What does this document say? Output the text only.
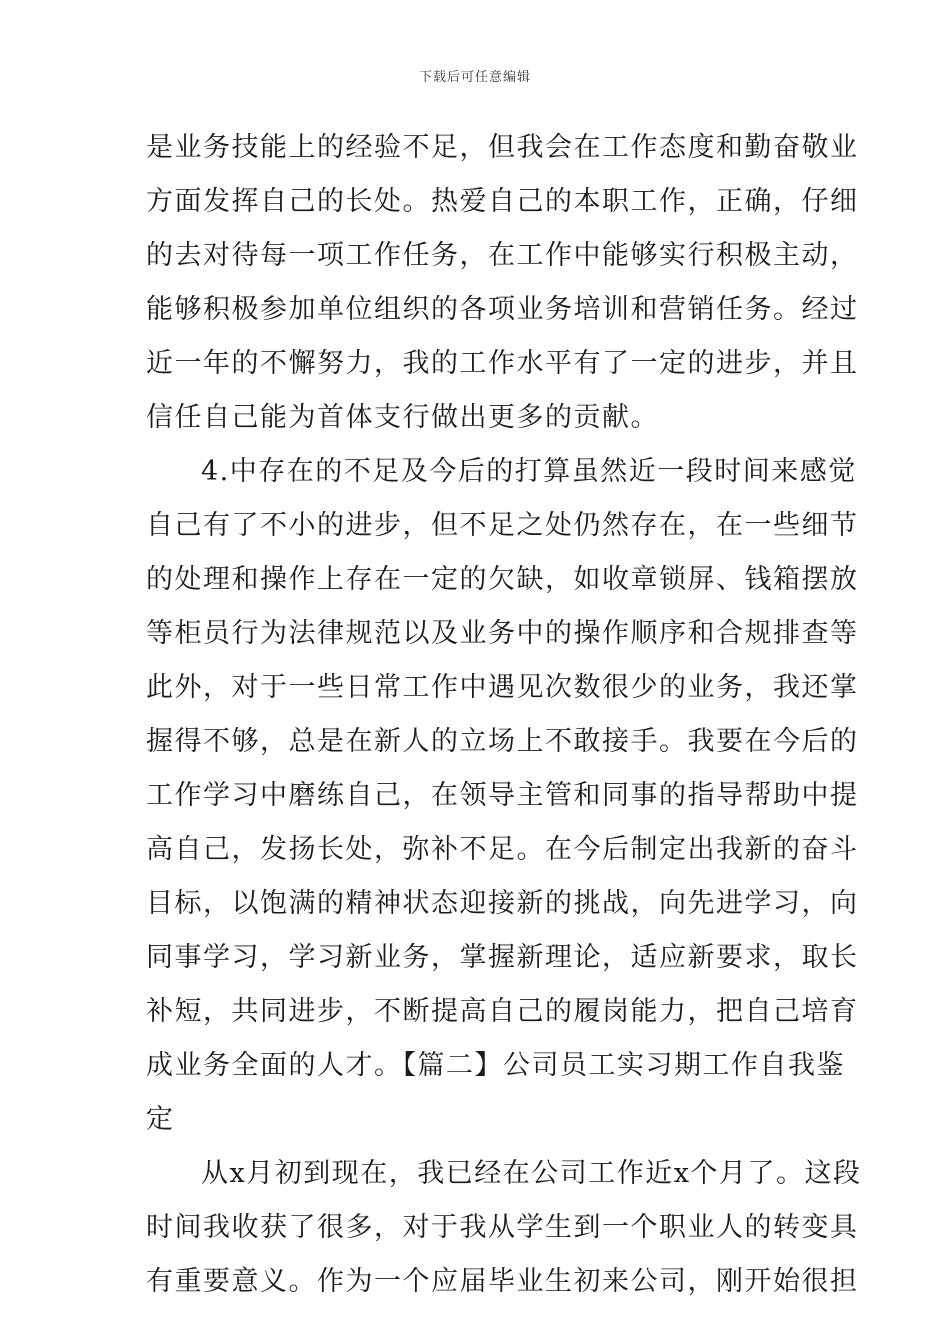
下载后可任意编辑
是业务技能上的经验不足，但我会在工作态度和勤奋敬业
方面发挥自己的长处。热爱自己的本职工作，正确，仔细
的去对待每一项工作任务，在工作中能够实行积极主动，
能够积极参加单位组织的各项业务培训和营销任务。经过
近一年的不懈努力，我的工作水平有了一定的进步，并且
信任自己能为首体支行做出更多的贡献。
4.中存在的不足及今后的打算虽然近一段时间来感觉
自己有了不小的进步，但不足之处仍然存在，在一些细节
的处理和操作上存在一定的欠缺，如收章锁屏、钱箱摆放
等柜员行为法律规范以及业务中的操作顺序和合规排查等
此外，对于一些日常工作中遇见次数很少的业务，我还掌
握得不够，总是在新人的立场上不敢接手。我要在今后的
工作学习中磨练自己，在领导主管和同事的指导帮助中提
高自己，发扬长处，弥补不足。在今后制定出我新的奋斗
目标，以饱满的精神状态迎接新的挑战，向先进学习，向
同事学习，学习新业务，掌握新理论，适应新要求，取长
补短，共同进步，不断提高自己的履岗能力，把自己培育
成业务全面的人才。【篇二】公司员工实习期工作自我鉴
定
从x月初到现在，我已经在公司工作近x个月了。这段
时间我收获了很多，对于我从学生到一个职业人的转变具
有重要意义。作为一个应届毕业生初来公司，刚开始很担
